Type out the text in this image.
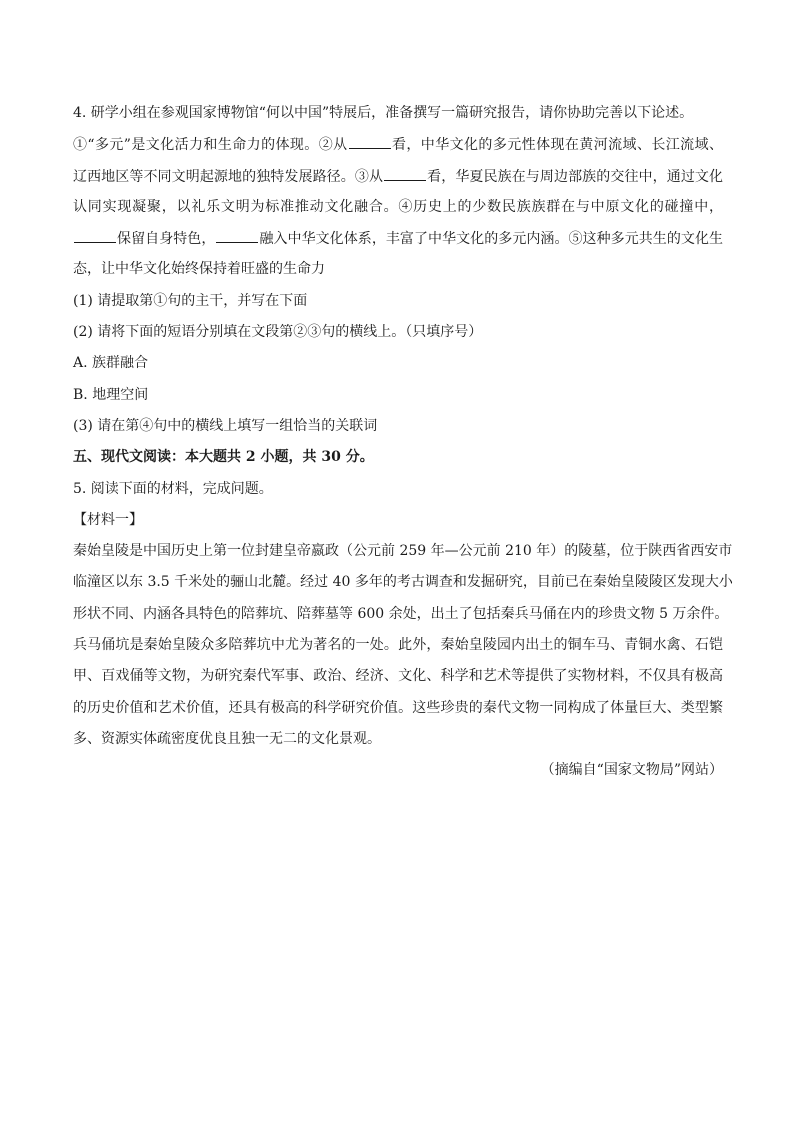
4. 研学小组在参观国家博物馆“何以中国”特展后，准备撰写一篇研究报告，请你协助完善以下论述。
①“多元”是文化活力和生命力的体现。②从	看，中华文化的多元性体现在黄河流域、长江流域、
辽西地区等不同文明起源地的独特发展路径。③从	看，华夏民族在与周边部族的交往中，通过文化
认同实现凝聚，以礼乐文明为标准推动文化融合。④历史上的少数民族族群在与中原文化的碰撞中，
保留自身特色，	融入中华文化体系，丰富了中华文化的多元内涵。⑤这种多元共生的文化生
态，让中华文化始终保持着旺盛的生命力
(1) 请提取第①句的主干，并写在下面
(2) 请将下面的短语分别填在文段第②③句的横线上。（只填序号）
A. 族群融合
B. 地理空间
(3) 请在第④句中的横线上填写一组恰当的关联词
五、现代文阅读：本大题共 2 小题，共 30 分。
5. 阅读下面的材料，完成问题。
【材料一】
秦始皇陵是中国历史上第一位封建皇帝嬴政（公元前 259 年—公元前 210 年）的陵墓，位于陕西省西安市
临潼区以东 3.5 千米处的骊山北麓。经过 40 多年的考古调查和发掘研究，目前已在秦始皇陵陵区发现大小
形状不同、内涵各具特色的陪葬坑、陪葬墓等 600 余处，出土了包括秦兵马俑在内的珍贵文物 5 万余件。
兵马俑坑是秦始皇陵众多陪葬坑中尤为著名的一处。此外，秦始皇陵园内出土的铜车马、青铜水禽、石铠
甲、百戏俑等文物，为研究秦代军事、政治、经济、文化、科学和艺术等提供了实物材料，不仅具有极高
的历史价值和艺术价值，还具有极高的科学研究价值。这些珍贵的秦代文物一同构成了体量巨大、类型繁
多、资源实体疏密度优良且独一无二的文化景观。
（摘编自“国家文物局”网站）
